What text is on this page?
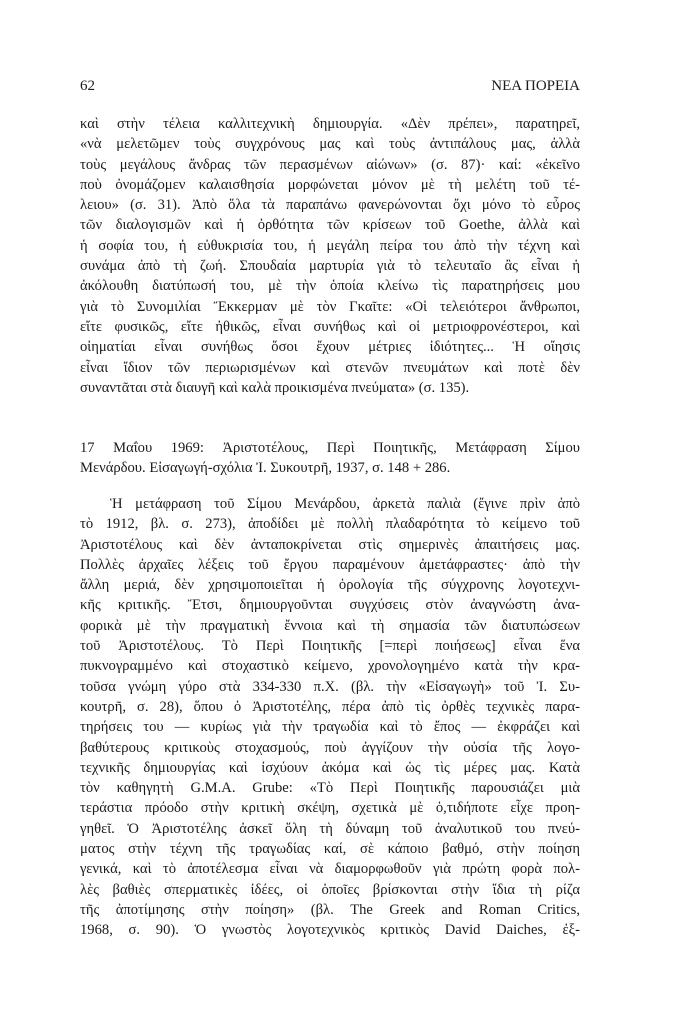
62	ΝΕΑ ΠΟΡΕΙΑ
καὶ στὴν τέλεια καλλιτεχνικὴ δημιουργία. «Δὲν πρέπει», παρατηρεῖ,
«νὰ μελετῶμεν τοὺς συγχρόνους μας καὶ τοὺς ἀντιπάλους μας, ἀλλὰ
τοὺς μεγάλους ἄνδρας τῶν περασμένων αἰώνων» (σ. 87)· καί: «ἐκεῖνο
ποὺ ὀνομάζομεν καλαισθησία μορφώνεται μόνον μὲ τὴ μελέτη τοῦ τέ-
λειου» (σ. 31). Ἀπὸ ὅλα τὰ παραπάνω φανερώνονται ὄχι μόνο τὸ εὖρος
τῶν διαλογισμῶν καὶ ἡ ὀρθότητα τῶν κρίσεων τοῦ Goethe, ἀλλὰ καὶ
ἡ σοφία του, ἡ εὐθυκρισία του, ἡ μεγάλη πείρα του ἀπὸ τὴν τέχνη καὶ
συνάμα ἀπὸ τὴ ζωή. Σπουδαία μαρτυρία γιὰ τὸ τελευταῖο ἂς εἶναι ἡ
ἀκόλουθη διατύπωσή του, μὲ τὴν ὁποία κλείνω τὶς παρατηρήσεις μου
γιὰ τὸ Συνομιλίαι Ἔκκερμαν μὲ τὸν Γκαῖτε: «Οἱ τελειότεροι ἄνθρωποι,
εἴτε φυσικῶς, εἴτε ἠθικῶς, εἶναι συνήθως καὶ οἱ μετριοφρονέστεροι, καὶ
οἰηματίαι εἶναι συνήθως ὅσοι ἔχουν μέτριες ἰδιότητες... Ἡ οἴησις
εἶναι ἴδιον τῶν περιωρισμένων καὶ στενῶν πνευμάτων καὶ ποτὲ δὲν
συναντᾶται στὰ διαυγῆ καὶ καλὰ προικισμένα πνεύματα» (σ. 135).
17 Μαΐου 1969: Ἀριστοτέλους, Περὶ Ποιητικῆς, Μετάφραση Σίμου
Μενάρδου. Εἰσαγωγή-σχόλια Ἰ. Συκουτρῆ, 1937, σ. 148 + 286.
Ἡ μετάφραση τοῦ Σίμου Μενάρδου, ἀρκετὰ παλιὰ (ἔγινε πρὶν ἀπὸ
τὸ 1912, βλ. σ. 273), ἀποδίδει μὲ πολλὴ πλαδαρότητα τὸ κείμενο τοῦ
Ἀριστοτέλους καὶ δὲν ἀνταποκρίνεται στὶς σημερινὲς ἀπαιτήσεις μας.
Πολλὲς ἀρχαῖες λέξεις τοῦ ἔργου παραμένουν ἀμετάφραστες· ἀπὸ τὴν
ἄλλη μεριά, δὲν χρησιμοποιεῖται ἡ ὁρολογία τῆς σύγχρονης λογοτεχνι-
κῆς κριτικῆς. Ἔτσι, δημιουργοῦνται συγχύσεις στὸν ἀναγνώστη ἀνα-
φορικὰ μὲ τὴν πραγματικὴ ἔννοια καὶ τὴ σημασία τῶν διατυπώσεων
τοῦ Ἀριστοτέλους. Τὸ Περὶ Ποιητικῆς [=περὶ ποιήσεως] εἶναι ἕνα
πυκνογραμμένο καὶ στοχαστικὸ κείμενο, χρονολογημένο κατὰ τὴν κρα-
τοῦσα γνώμη γύρο στὰ 334-330 π.Χ. (βλ. τὴν «Εἰσαγωγὴ» τοῦ Ἰ. Συ-
κουτρῆ, σ. 28), ὅπου ὁ Ἀριστοτέλης, πέρα ἀπὸ τὶς ὀρθὲς τεχνικὲς παρα-
τηρήσεις του — κυρίως γιὰ τὴν τραγωδία καὶ τὸ ἔπος — ἐκφράζει καὶ
βαθύτερους κριτικοὺς στοχασμούς, ποὺ ἀγγίζουν τὴν οὐσία τῆς λογο-
τεχνικῆς δημιουργίας καὶ ἰσχύουν ἀκόμα καὶ ὡς τὶς μέρες μας. Κατὰ
τὸν καθηγητὴ G.M.A. Grube: «Τὸ Περὶ Ποιητικῆς παρουσιάζει μιὰ
τεράστια πρόοδο στὴν κριτικὴ σκέψη, σχετικὰ μὲ ὁ,τιδήποτε εἶχε προη-
γηθεῖ. Ὁ Ἀριστοτέλης ἀσκεῖ ὅλη τὴ δύναμη τοῦ ἀναλυτικοῦ του πνεύ-
ματος στὴν τέχνη τῆς τραγωδίας καί, σὲ κάποιο βαθμό, στὴν ποίηση
γενικά, καὶ τὸ ἀποτέλεσμα εἶναι νὰ διαμορφωθοῦν γιὰ πρώτη φορὰ πολ-
λὲς βαθιὲς σπερματικὲς ἰδέες, οἱ ὁποῖες βρίσκονται στὴν ἴδια τὴ ρίζα
τῆς ἀποτίμησης στὴν ποίηση» (βλ. The Greek and Roman Critics,
1968, σ. 90). Ὁ γνωστὸς λογοτεχνικὸς κριτικὸς David Daiches, ἐξ-
